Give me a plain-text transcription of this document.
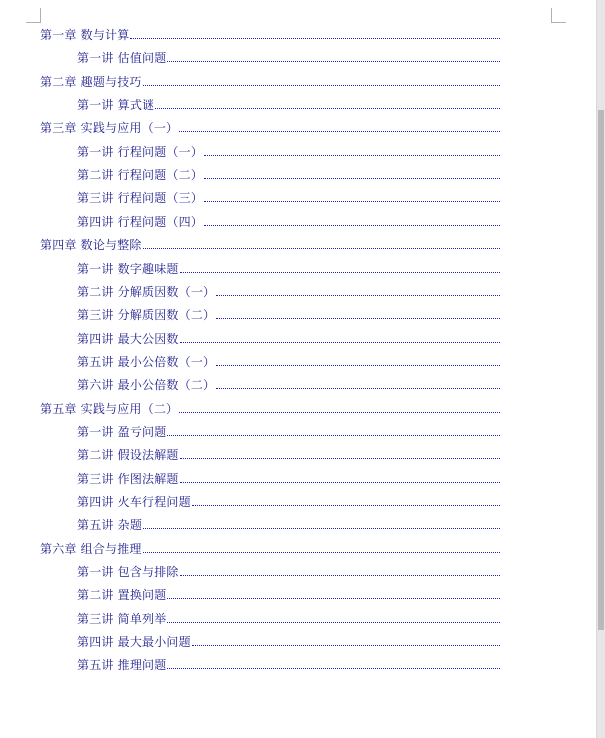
第一章 数与计算
第一讲 估值问题
第二章 趣题与技巧
第一讲 算式谜
第三章 实践与应用（一）
第一讲 行程问题（一）
第二讲 行程问题（二）
第三讲 行程问题（三）
第四讲 行程问题（四）
第四章 数论与整除
第一讲 数字趣味题
第二讲 分解质因数（一）
第三讲 分解质因数（二）
第四讲 最大公因数
第五讲 最小公倍数（一）
第六讲 最小公倍数（二）
第五章 实践与应用（二）
第一讲 盈亏问题
第二讲 假设法解题
第三讲 作图法解题
第四讲 火车行程问题
第五讲 杂题
第六章 组合与推理
第一讲 包含与排除
第二讲 置换问题
第三讲 简单列举
第四讲 最大最小问题
第五讲 推理问题
